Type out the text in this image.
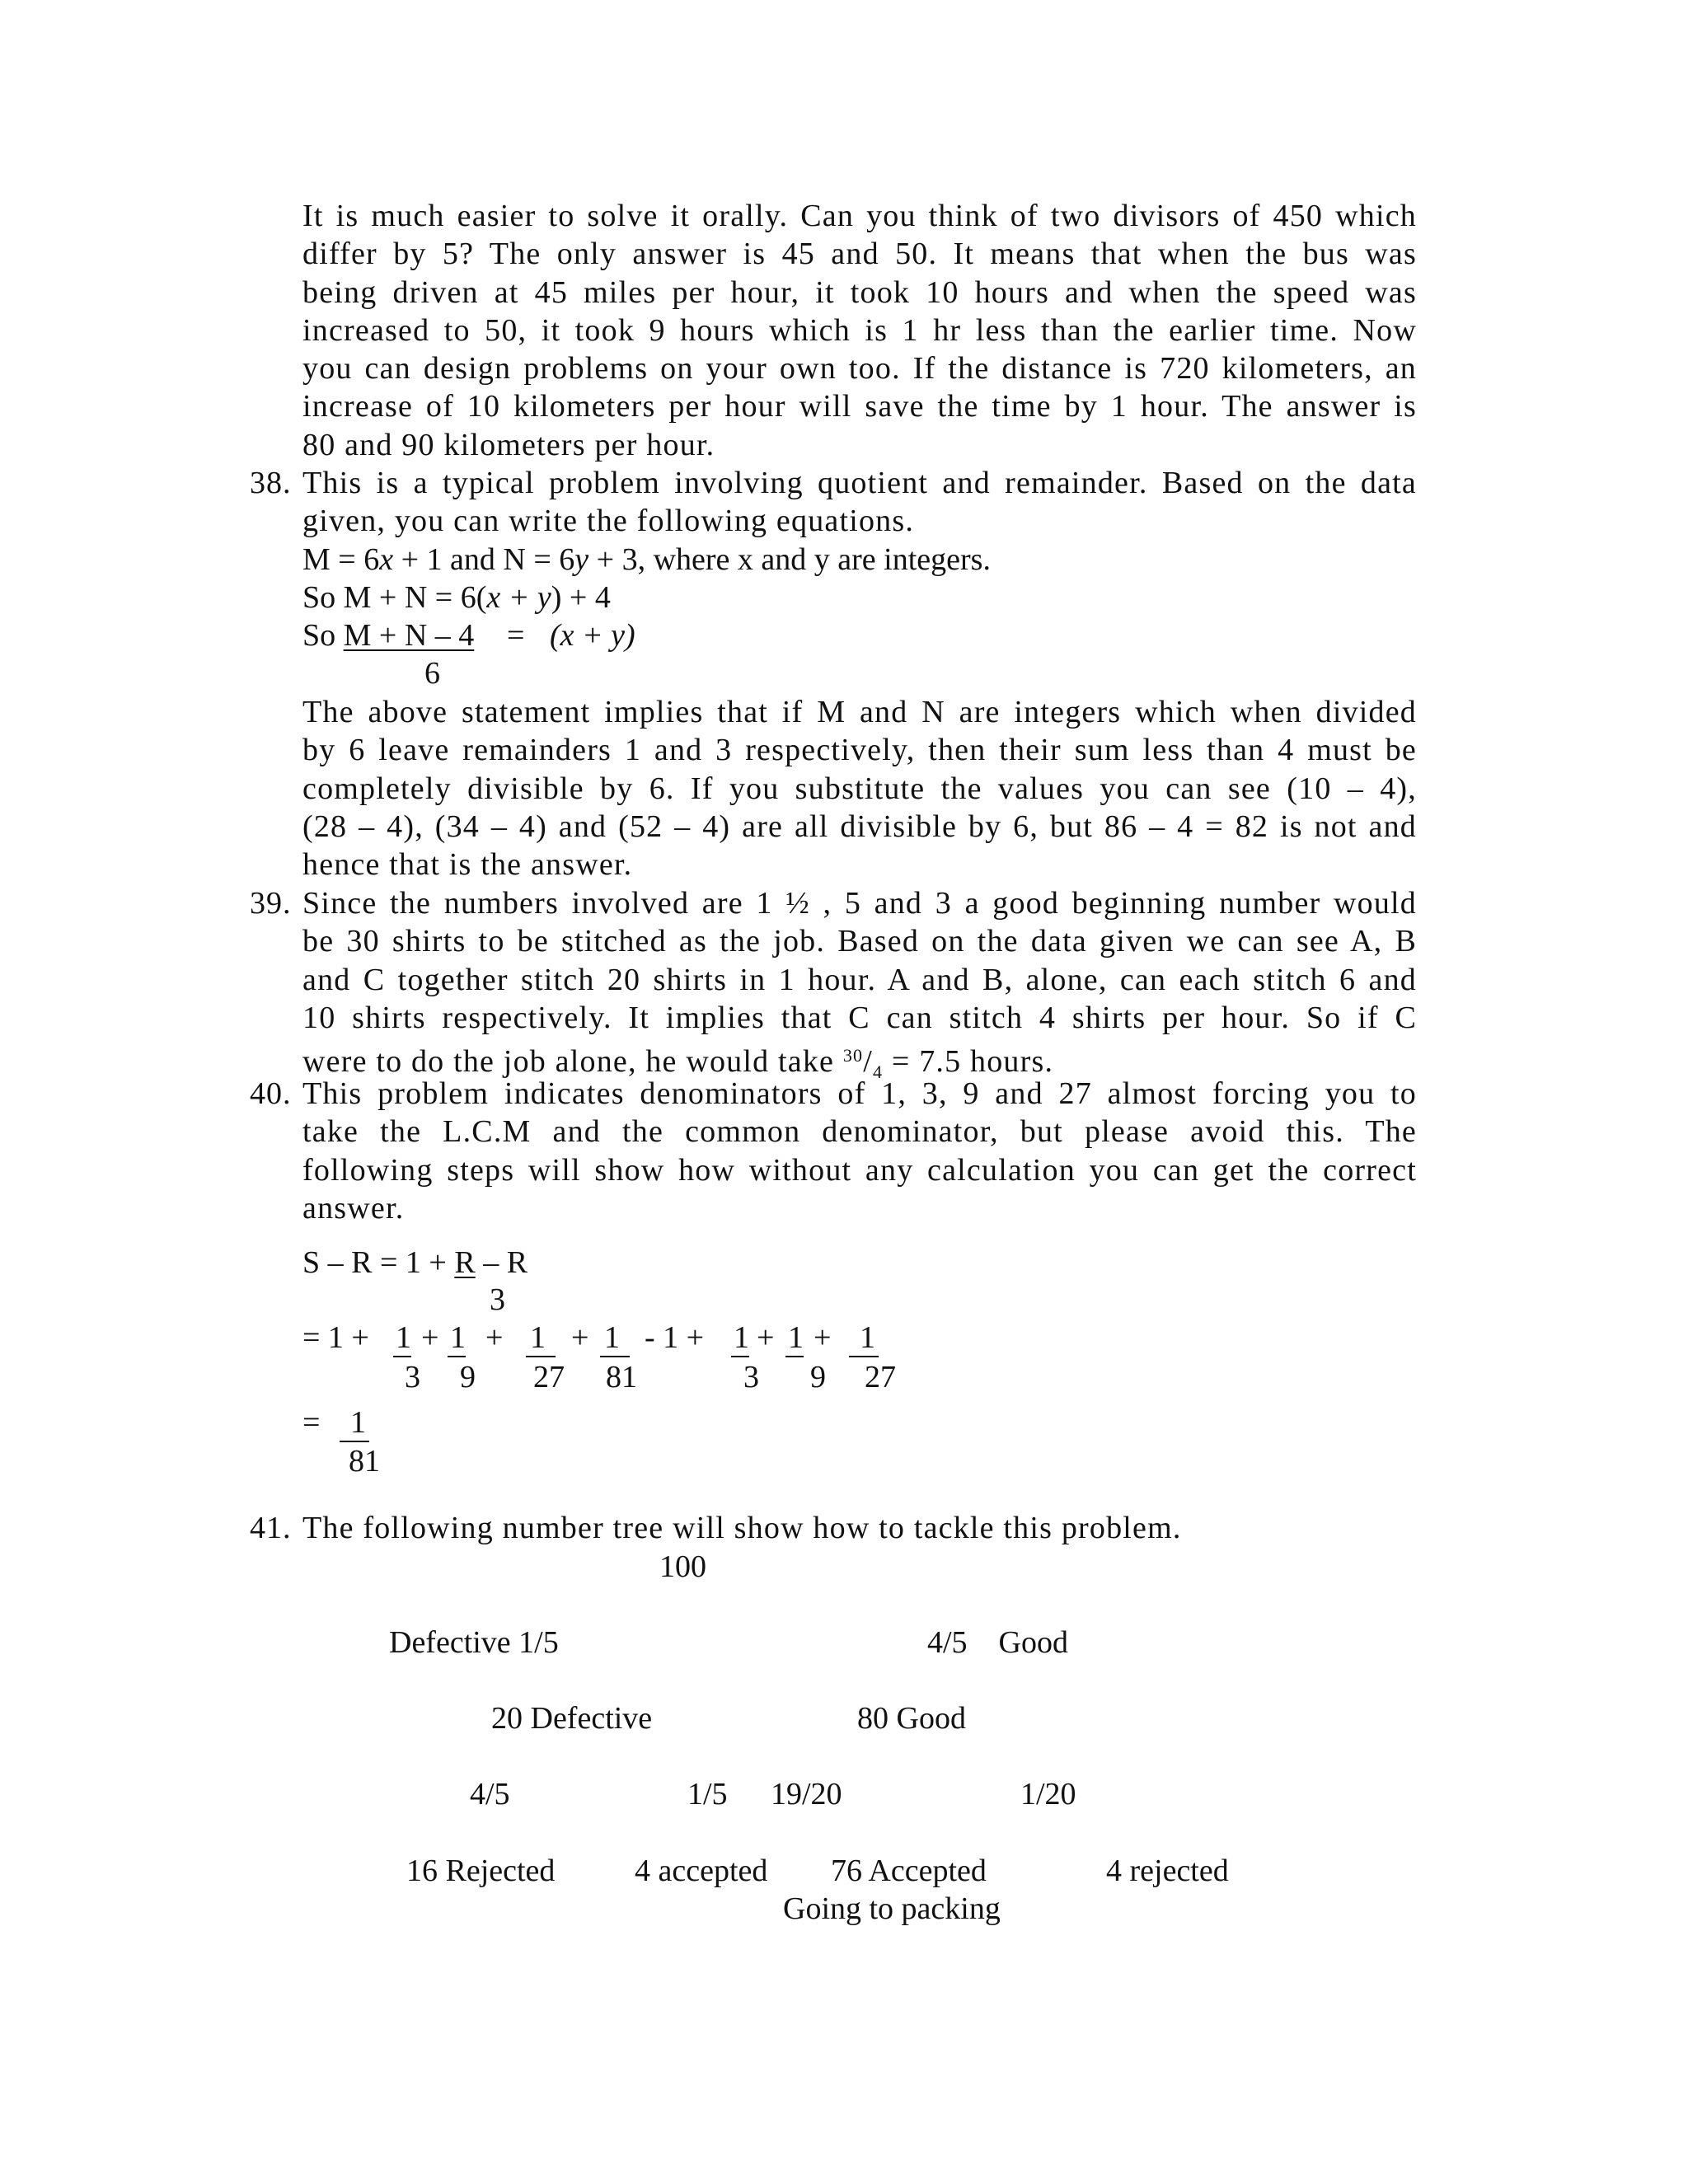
It is much easier to solve it orally. Can you think of two divisors of 450 which
differ by 5? The only answer is 45 and 50. It means that when the bus was
being driven at 45 miles per hour, it took 10 hours and when the speed was
increased to 50, it took 9 hours which is 1 hr less than the earlier time. Now
you can design problems on your own too. If the distance is 720 kilometers, an
increase of 10 kilometers per hour will save the time by 1 hour. The answer is
80 and 90 kilometers per hour.
38. This is a typical problem involving quotient and remainder. Based on the data
given, you can write the following equations.
M = 6x + 1 and N = 6y + 3, where x and y are integers.
So M + N = 6(x + y) + 4
So M + N – 4 = (x + y)
6
The above statement implies that if M and N are integers which when divided
by 6 leave remainders 1 and 3 respectively, then their sum less than 4 must be
completely divisible by 6. If you substitute the values you can see (10 – 4),
(28 – 4), (34 – 4) and (52 – 4) are all divisible by 6, but 86 – 4 = 82 is not and
hence that is the answer.
39. Since the numbers involved are 1 ½ , 5 and 3 a good beginning number would
be 30 shirts to be stitched as the job. Based on the data given we can see A, B
and C together stitch 20 shirts in 1 hour. A and B, alone, can each stitch 6 and
10 shirts respectively. It implies that C can stitch 4 shirts per hour. So if C
were to do the job alone, he would take $^{30}/_4 = 7.5$ hours.
40. This problem indicates denominators of 1, 3, 9 and 27 almost forcing you to
take the L.C.M and the common denominator, but please avoid this. The
following steps will show how without any calculation you can get the correct
answer.
S – R = 1 + R – R
3
= 1 + 1 + 1 + 1 + 1 - 1 + 1 + 1 + 1
3 9 27 81	3 9 27
= 1
81
41. The following number tree will show how to tackle this problem.
100
Defective 1/5	4/5    Good
20 Defective	80 Good
4/5	1/5 19/20	1/20
16 Rejected	4 accepted 76 Accepted	4 rejected
Going to packing
